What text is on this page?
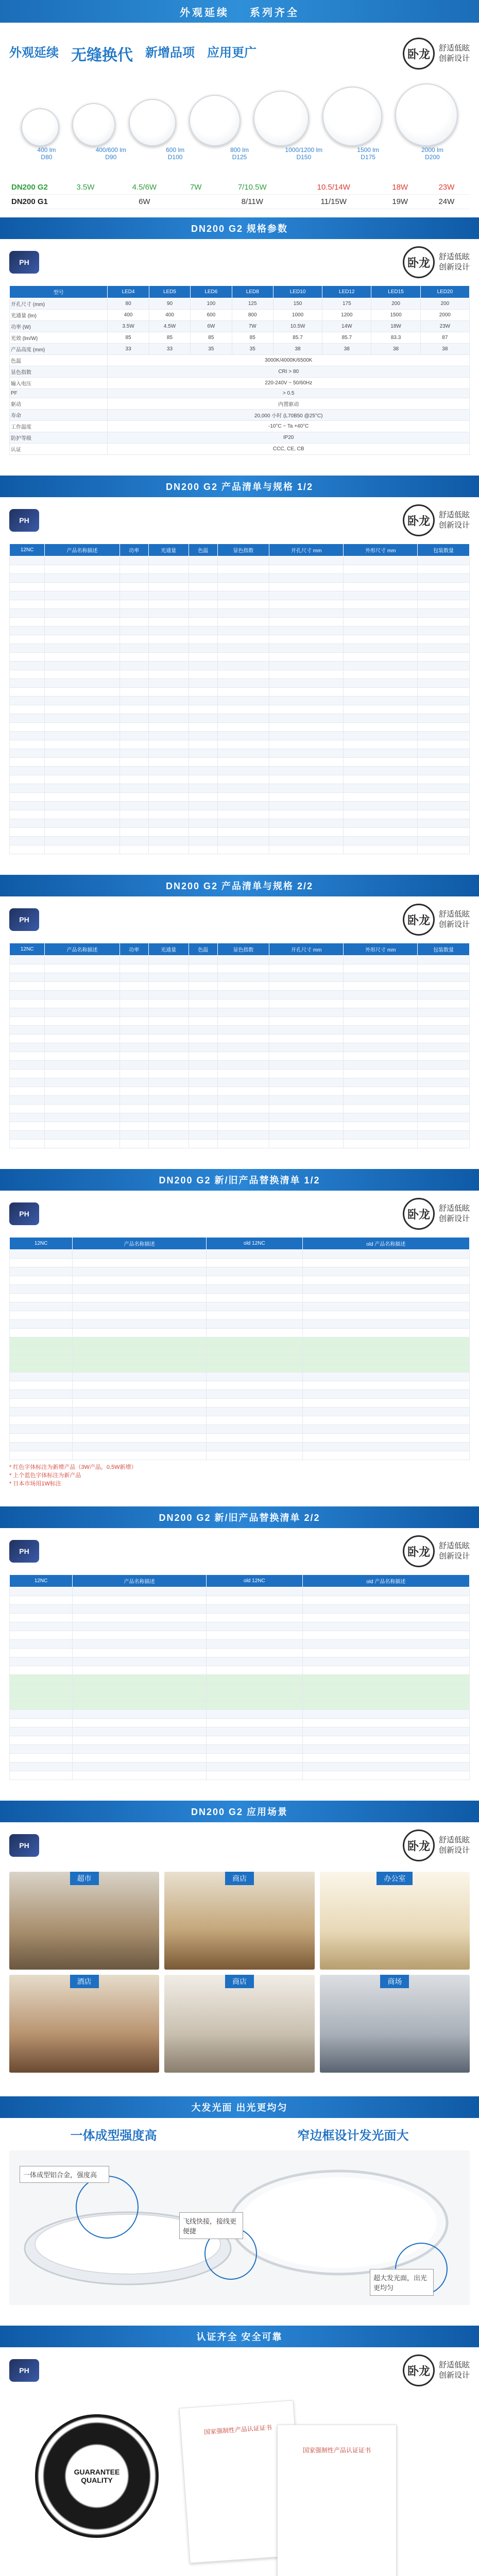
外观延续 系列齐全
外观延续 无缝换代 新增品项 应用更广	卧龙 舒适低眩
创新设计
400 lm
D80
400/600 lm
D90
600 lm
D100
800 lm
D125
1000/1200 lm
D150
1500 lm
D175
2000 lm
D200
DN200 G2	3.5W	4.5/6W	7W	7/10.5W	10.5/14W	18W	23W
DN200 G1		6W		8/11W	11/15W	19W	24W
DN200 G2 规格参数
PH	卧龙 舒适低眩
创新设计
型号	LED4	LED5	LED6	LED8	LED10	LED12	LED15	LED20
开孔尺寸 (mm)	80	90	100	125	150	175	200	200
光通量 (lm)	400	400	600	800	1000	1200	1500	2000
功率 (W)	3.5W	4.5W	6W	7W	10.5W	14W	18W	23W
光效 (lm/W)	85	85	85	85	85.7	85.7	83.3	87
产品高度 (mm)	33	33	35	35	38	38	38	38
色温	3000K/4000K/6500K							
显色指数	CRI > 80							
输入电压	220-240V ~ 50/60Hz							
PF	> 0.5							
驱动	内置驱动							
寿命	20,000 小时 (L70B50 @25°C)							
工作温度	-10°C ~ Ta +40°C							
防护等级	IP20							
认证	CCC, CE, CB							
DN200 G2 产品清单与规格 1/2
PH	卧龙 舒适低眩
创新设计
12NC	产品名称描述	功率	光通量	色温	显色指数	开孔尺寸 mm	外形尺寸 mm	包装数量

DN200 G2 产品清单与规格 2/2
PH	卧龙 舒适低眩
创新设计
12NC	产品名称描述	功率	光通量	色温	显色指数	开孔尺寸 mm	外形尺寸 mm	包装数量

DN200 G2 新/旧产品替换清单 1/2
PH	卧龙 舒适低眩
创新设计
12NC	产品名称描述	old 12NC	old 产品名称描述

* 红色字体标注为新增产品（3W产品，0.5W新增）
* 上个蓝色字体标注为新产品
* 日本市场用1W标注
DN200 G2 新/旧产品替换清单 2/2
PH	卧龙 舒适低眩
创新设计
12NC	产品名称描述	old 12NC	old 产品名称描述

DN200 G2 应用场景
PH	卧龙 舒适低眩
创新设计
超市	商店	办公室
酒店	商店	商场
大发光面 出光更均匀
一体成型强度高	窄边框设计发光面大
一体成型铝合金，强度高
飞线快接，接线更便捷
超大发光面，出光更均匀
认证齐全 安全可靠
PH	卧龙 舒适低眩
创新设计
GUARANTEE QUALITY
国家强制性产品认证证书
国家强制性产品认证证书
